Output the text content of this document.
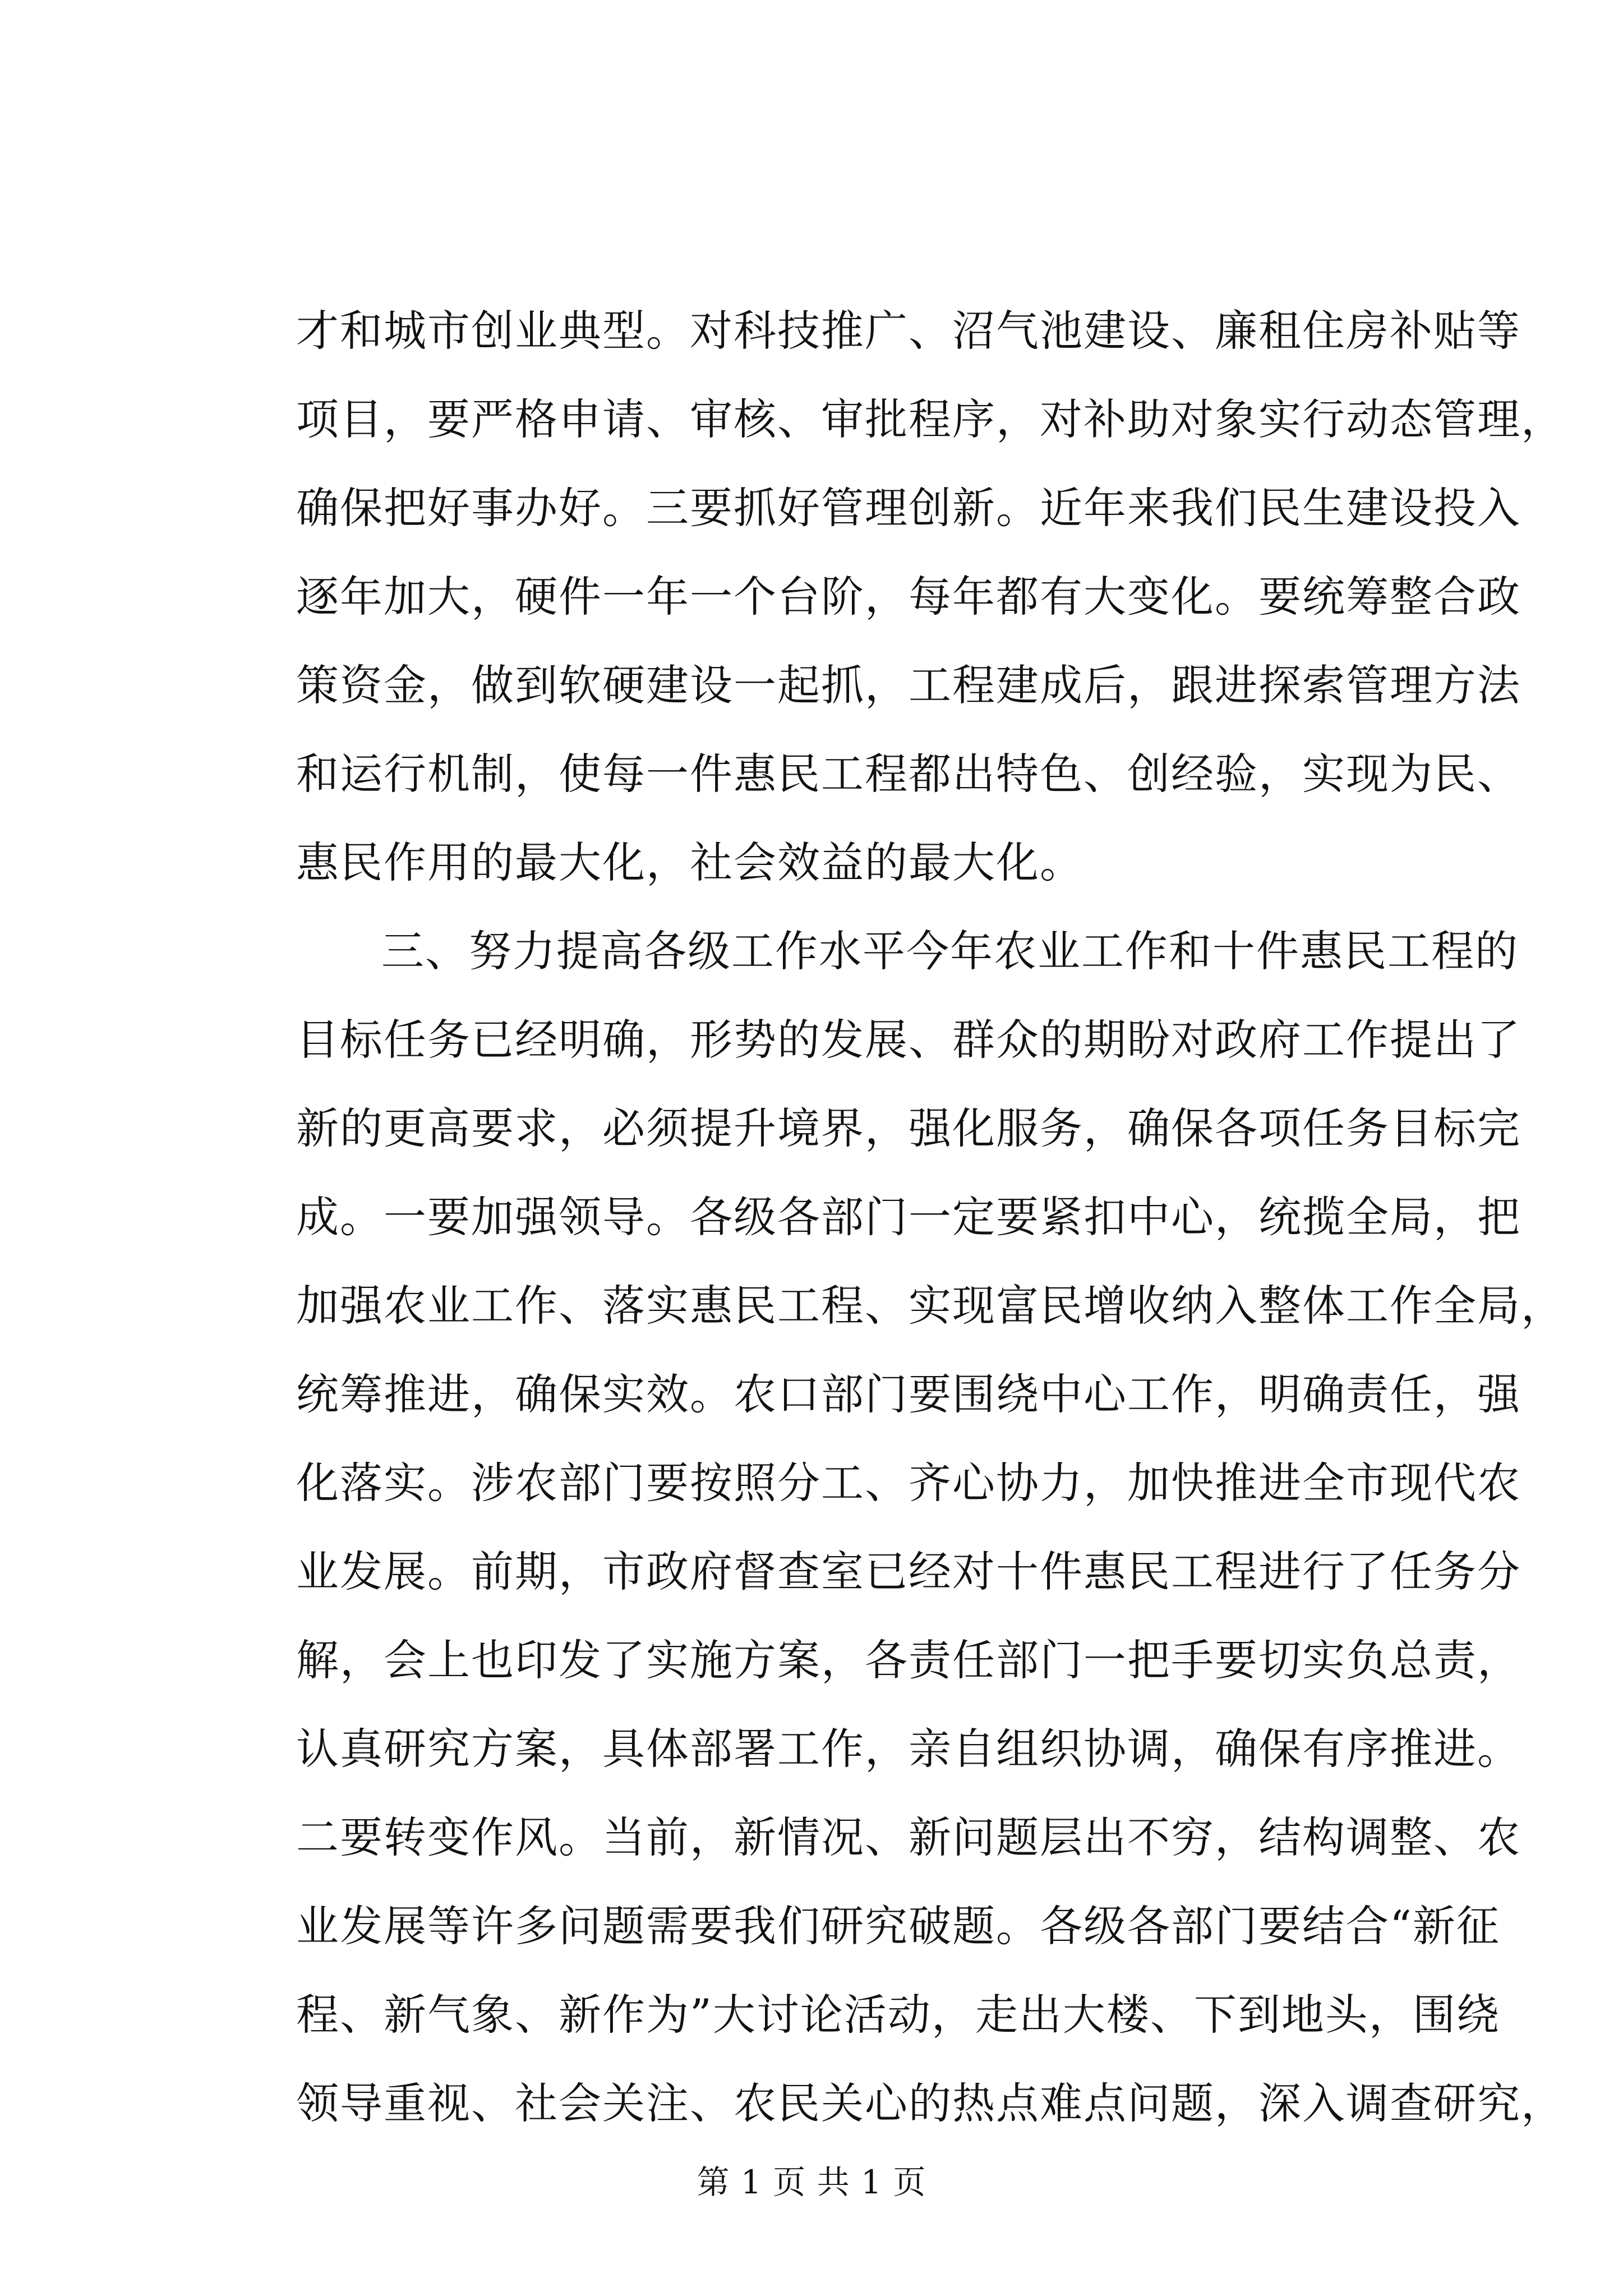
才和城市创业典型。对科技推广、沼气池建设、廉租住房补贴等
项目，要严格申请、审核、审批程序，对补助对象实行动态管理，
确保把好事办好。三要抓好管理创新。近年来我们民生建设投入
逐年加大，硬件一年一个台阶，每年都有大变化。要统筹整合政
策资金，做到软硬建设一起抓，工程建成后，跟进探索管理方法
和运行机制，使每一件惠民工程都出特色、创经验，实现为民、
惠民作用的最大化，社会效益的最大化。
三、努力提高各级工作水平今年农业工作和十件惠民工程的
目标任务已经明确，形势的发展、群众的期盼对政府工作提出了
新的更高要求，必须提升境界，强化服务，确保各项任务目标完
成。一要加强领导。各级各部门一定要紧扣中心，统揽全局，把
加强农业工作、落实惠民工程、实现富民增收纳入整体工作全局，
统筹推进，确保实效。农口部门要围绕中心工作，明确责任，强
化落实。涉农部门要按照分工、齐心协力，加快推进全市现代农
业发展。前期，市政府督查室已经对十件惠民工程进行了任务分
解，会上也印发了实施方案，各责任部门一把手要切实负总责，
认真研究方案，具体部署工作，亲自组织协调，确保有序推进。
二要转变作风。当前，新情况、新问题层出不穷，结构调整、农
业发展等许多问题需要我们研究破题。各级各部门要结合“新征
程、新气象、新作为”大讨论活动，走出大楼、下到地头，围绕
领导重视、社会关注、农民关心的热点难点问题，深入调查研究，
第 1 页 共 1 页
